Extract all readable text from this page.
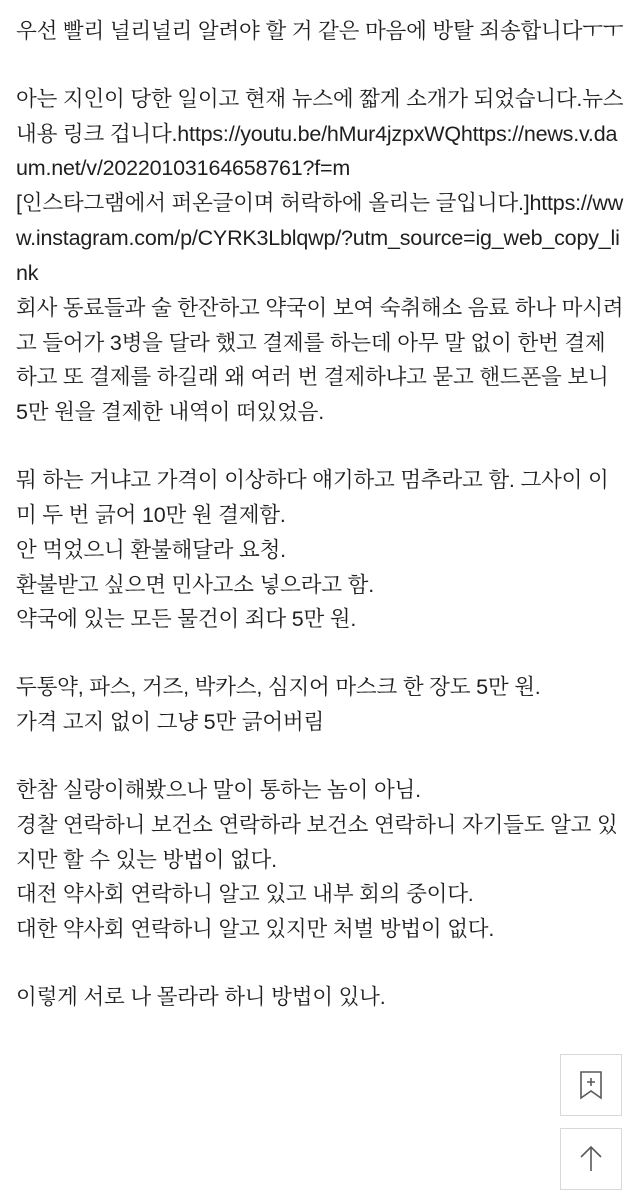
우선 빨리 널리널리 알려야 할 거 같은 마음에 방탈 죄송합니다ㅜㅜ

아는 지인이 당한 일이고 현재 뉴스에 짧게 소개가 되었습니다.뉴스내용 링크 겁니다.https://youtu.be/hMur4jzpxWQhttps://news.v.daum.net/v/20220103164658761?f=m

[인스타그램에서 퍼온글이며 허락하에 올리는 글입니다.]https://www.instagram.com/p/CYRK3Lblqwp/?utm_source=ig_web_copy_link

회사 동료들과 술 한잔하고 약국이 보여 숙취해소 음료 하나 마시려고 들어가 3병을 달라 했고 결제를 하는데 아무 말 없이 한번 결제하고 또 결제를 하길래 왜 여러 번 결제하냐고 묻고 핸드폰을 보니 5만 원을 결제한 내역이 떠있었음.

뭐 하는 거냐고 가격이 이상하다 얘기하고 멈추라고 함. 그사이 이미 두 번 긁어 10만 원 결제함.

안 먹었으니 환불해달라 요청.

환불받고 싶으면 민사고소 넣으라고 함.

약국에 있는 모든 물건이 죄다 5만 원.

두통약, 파스, 거즈, 박카스, 심지어 마스크 한 장도 5만 원.

가격 고지 없이 그냥 5만 긁어버림

한참 실랑이해봤으나 말이 통하는 놈이 아님.

경찰 연락하니 보건소 연락하라 보건소 연락하니 자기들도 알고 있지만 할 수 있는 방법이 없다.

대전 약사회 연락하니 알고 있고 내부 회의 중이다.

대한 약사회 연락하니 알고 있지만 처벌 방법이 없다.

이렇게 서로 나 몰라라 하니 방법이 있나.
